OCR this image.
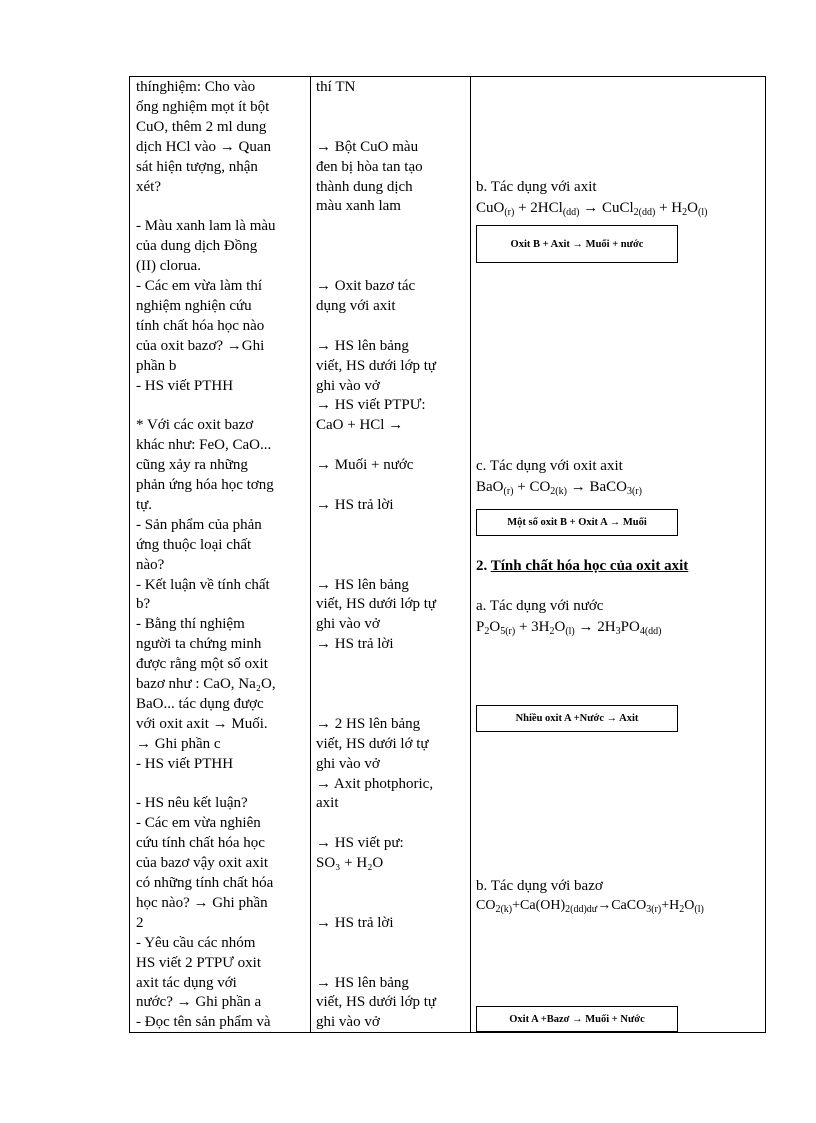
thínghiệm: Cho vào
ống nghiệm mọt ít bột
CuO, thêm 2 ml dung
dịch HCl vào → Quan
sát hiện tượng, nhận
xét?
- Màu xanh lam là màu
của dung dịch Đồng
(II) clorua.
- Các em vừa làm thí
nghiệm nghiện cứu
tính chất hóa học nào
của oxit bazơ? →Ghi
phần b
- HS viết PTHH
* Với các oxit bazơ
khác như: FeO, CaO...
cũng xảy ra những
phản ứng hóa học tơng
tự.
- Sản phẩm của phản
ứng thuộc loại chất
nào?
- Kết luận về tính chất
b?
- Bằng thí nghiệm
người ta chứng minh
được rằng một số oxit
bazơ như : CaO, Na₂O,
BaO... tác dụng được
với oxit axit → Muối.
→ Ghi phần c
- HS viết PTHH
- HS nêu kết luận?
- Các em vừa nghiên
cứu tính chất hóa học
của bazơ vậy oxit axit
có những tính chất hóa
học nào? → Ghi phần
2
- Yêu cầu các nhóm
HS viết 2 PTPƯ oxit
axit tác dụng với
nước? → Ghi phần a
- Đọc tên sản phẩm và
thí TN
→ Bột CuO màu
đen bị hòa tan tạo
thành dung dịch
màu xanh lam
→ Oxit bazơ tác
dụng với axit
→ HS lên bảng
viết, HS dưới lớp tự
ghi vào vở
→ HS viết PTPƯ:
CaO + HCl →
→ Muối + nước
→ HS trả lời
→ HS lên bảng
viết, HS dưới lớp tự
ghi vào vở
→ HS trả lời
→ 2 HS lên bảng
viết, HS dưới lớ tự
ghi vào vở
→ Axit photphoric,
axit
→ HS viết pư:
SO₃ + H₂O
→ HS trả lời
→ HS lên bảng
viết, HS dưới lớp tự
ghi vào vở
b. Tác dụng với axit
CuO$_{(r)}$ + 2HCl$_{(dd)}$ → CuCl$_{2(dd)}$ + $H_2O_{(l)}$
Oxit B + Axit → Muối + nước
c. Tác dụng với oxit axit
$BaO_{(r)} + CO_{2(k)}$ → BaCO$_{3(r)}$
Một số oxit B + Oxit A → Muối
2. Tính chất hóa học của oxit axit
a. Tác dụng với nước
$P_2O_{5(r)} + 3H_2O_{(l)} \to 2H_3PO_{4(dd)}$
Nhiều oxit A +Nước → Axit
b. Tác dụng với bazơ
$CO_{2(k)}+Ca(OH)_{2(dd)dư}\to CaCO_{3(r)}+H_2O_{(l)}$
Oxit A +Bazơ → Muối + Nước
